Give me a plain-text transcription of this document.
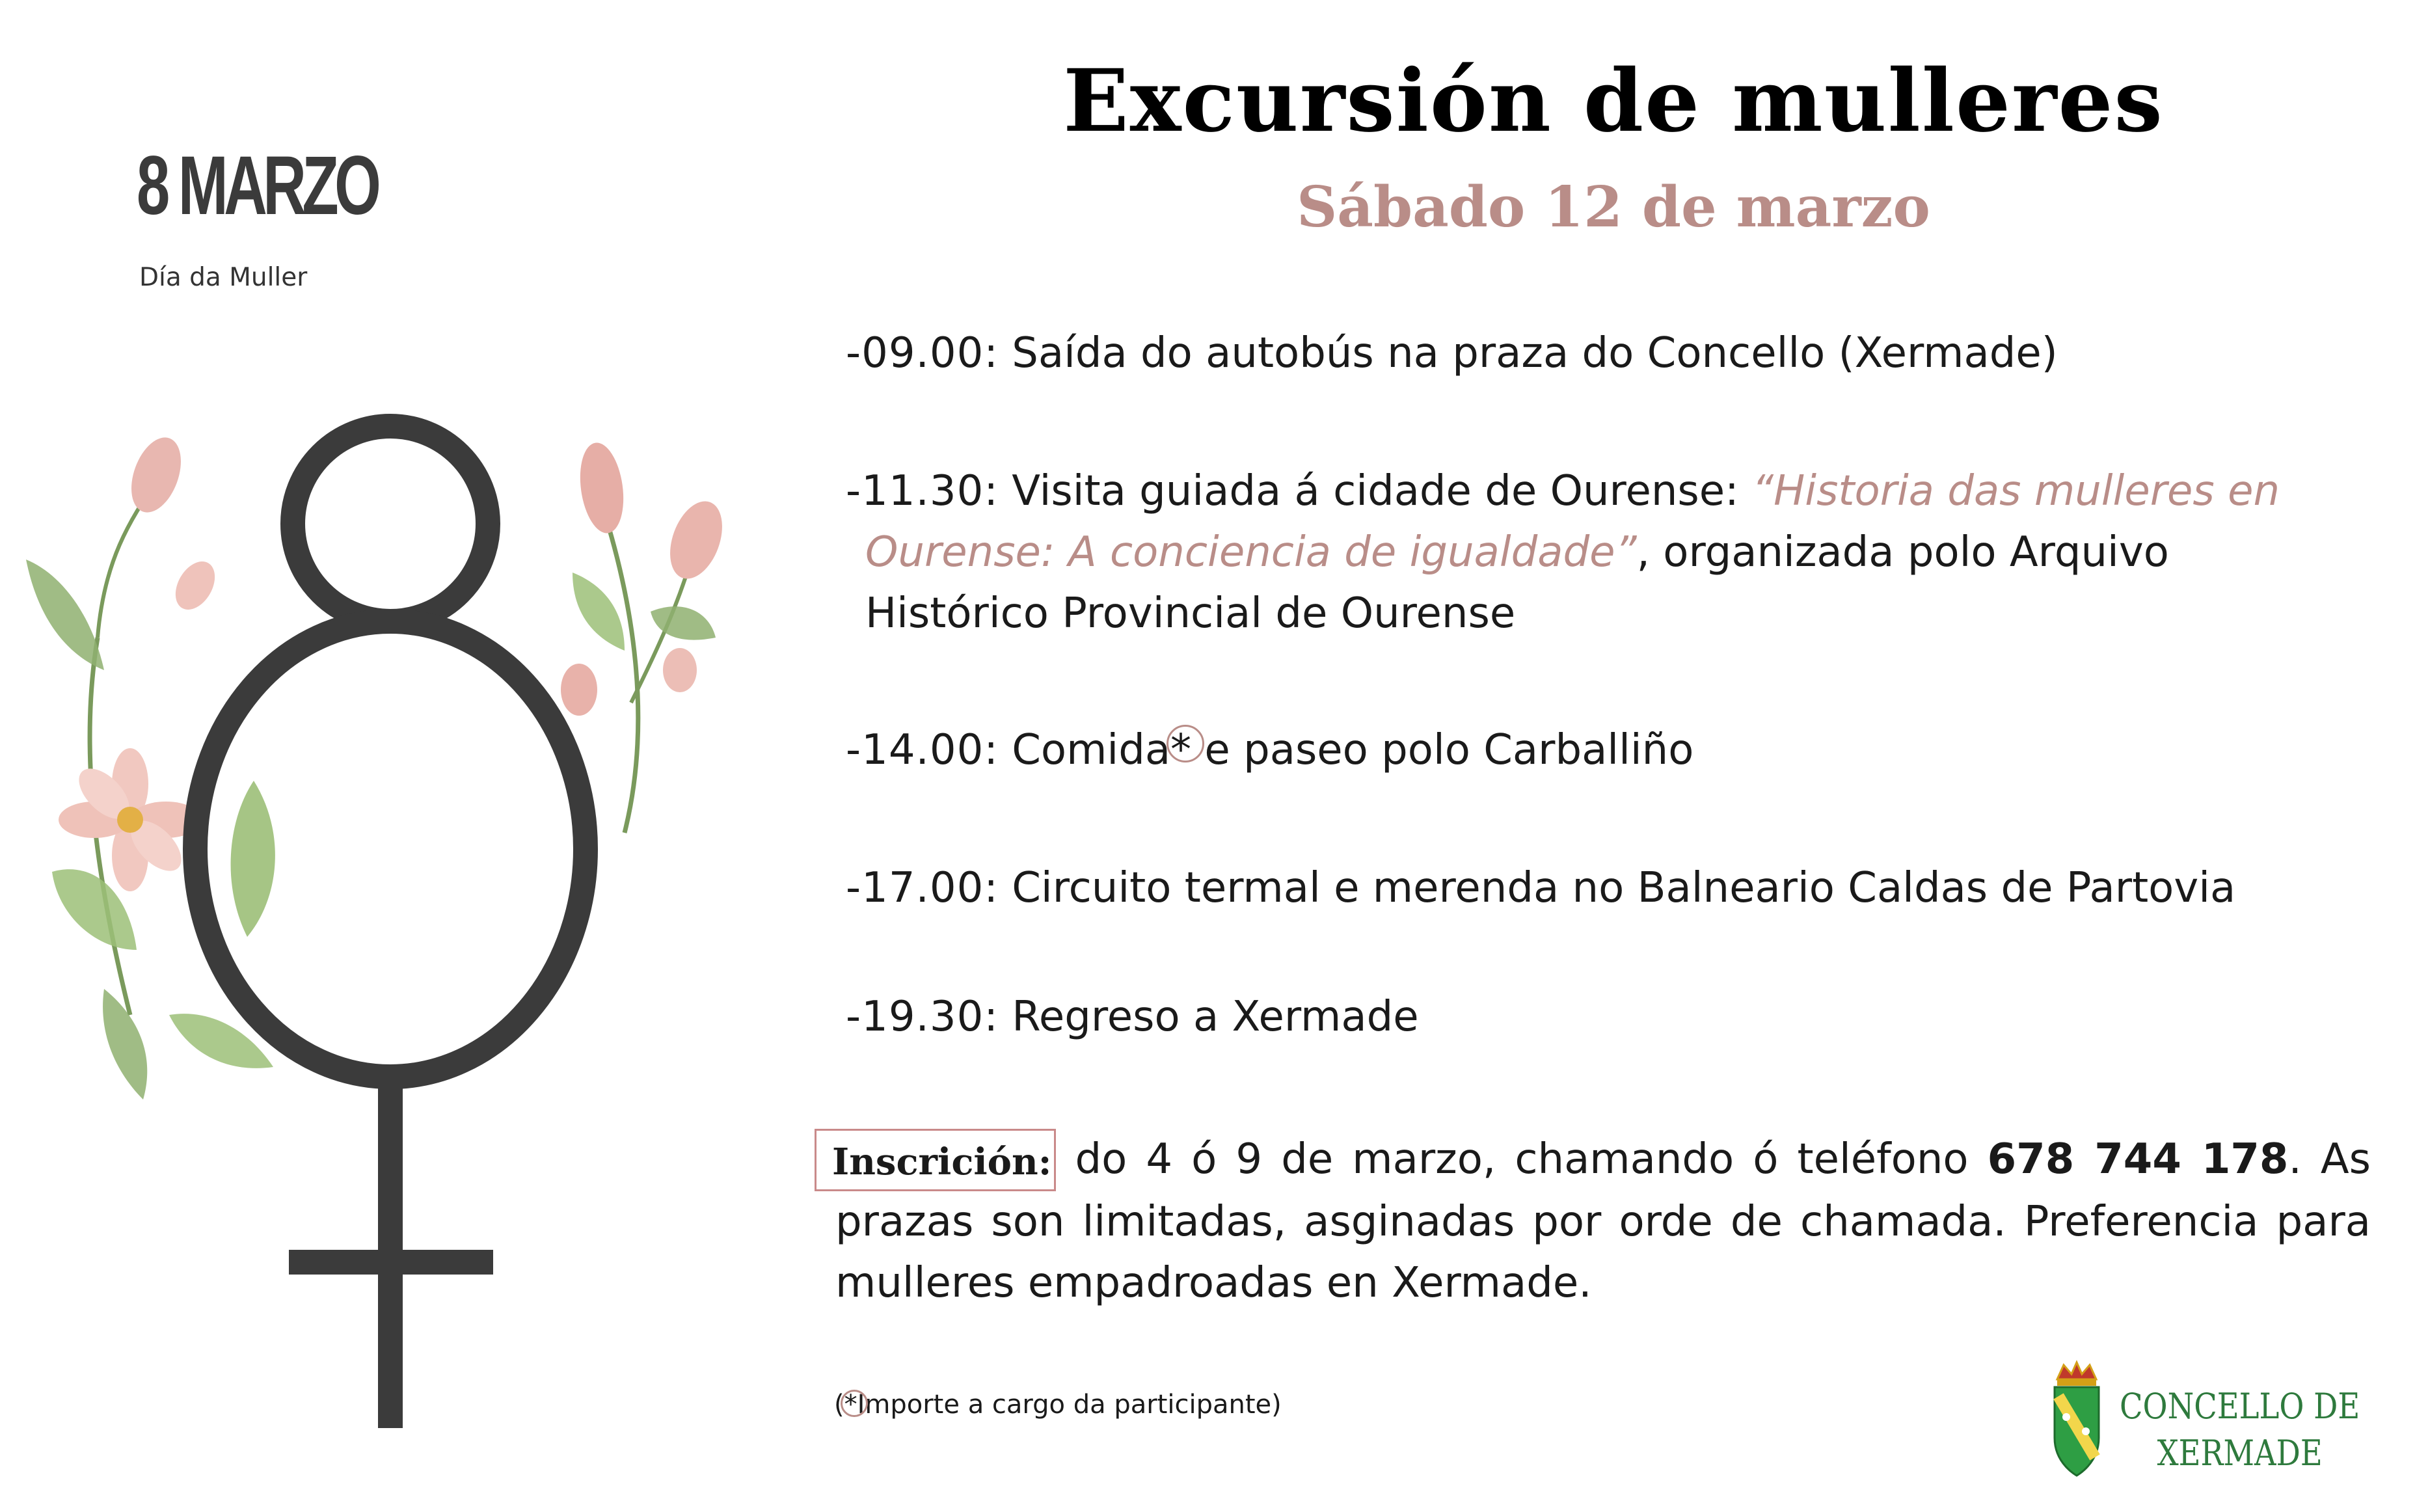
8 MARZO
Día da Muller
Excursión de mulleres
Sábado 12 de marzo
-09.00: Saída do autobús na praza do Concello (Xermade)
-11.30: Visita guiada á cidade de Ourense: “Historia das mulleres en
Ourense: A conciencia de igualdade”, organizada polo Arquivo
Histórico Provincial de Ourense
-14.00: Comida* e paseo polo Carballiño
-17.00: Circuito termal e merenda no Balneario Caldas de Partovia
-19.30: Regreso a Xermade
Inscrición: do 4 ó 9 de marzo, chamando ó teléfono 678 744 178. As prazas son limitadas, asginadas por orde de chamada. Preferencia para mulleres empadroadas en Xermade.
(*Importe a cargo da participante)	CONCELLO DE
XERMADE
